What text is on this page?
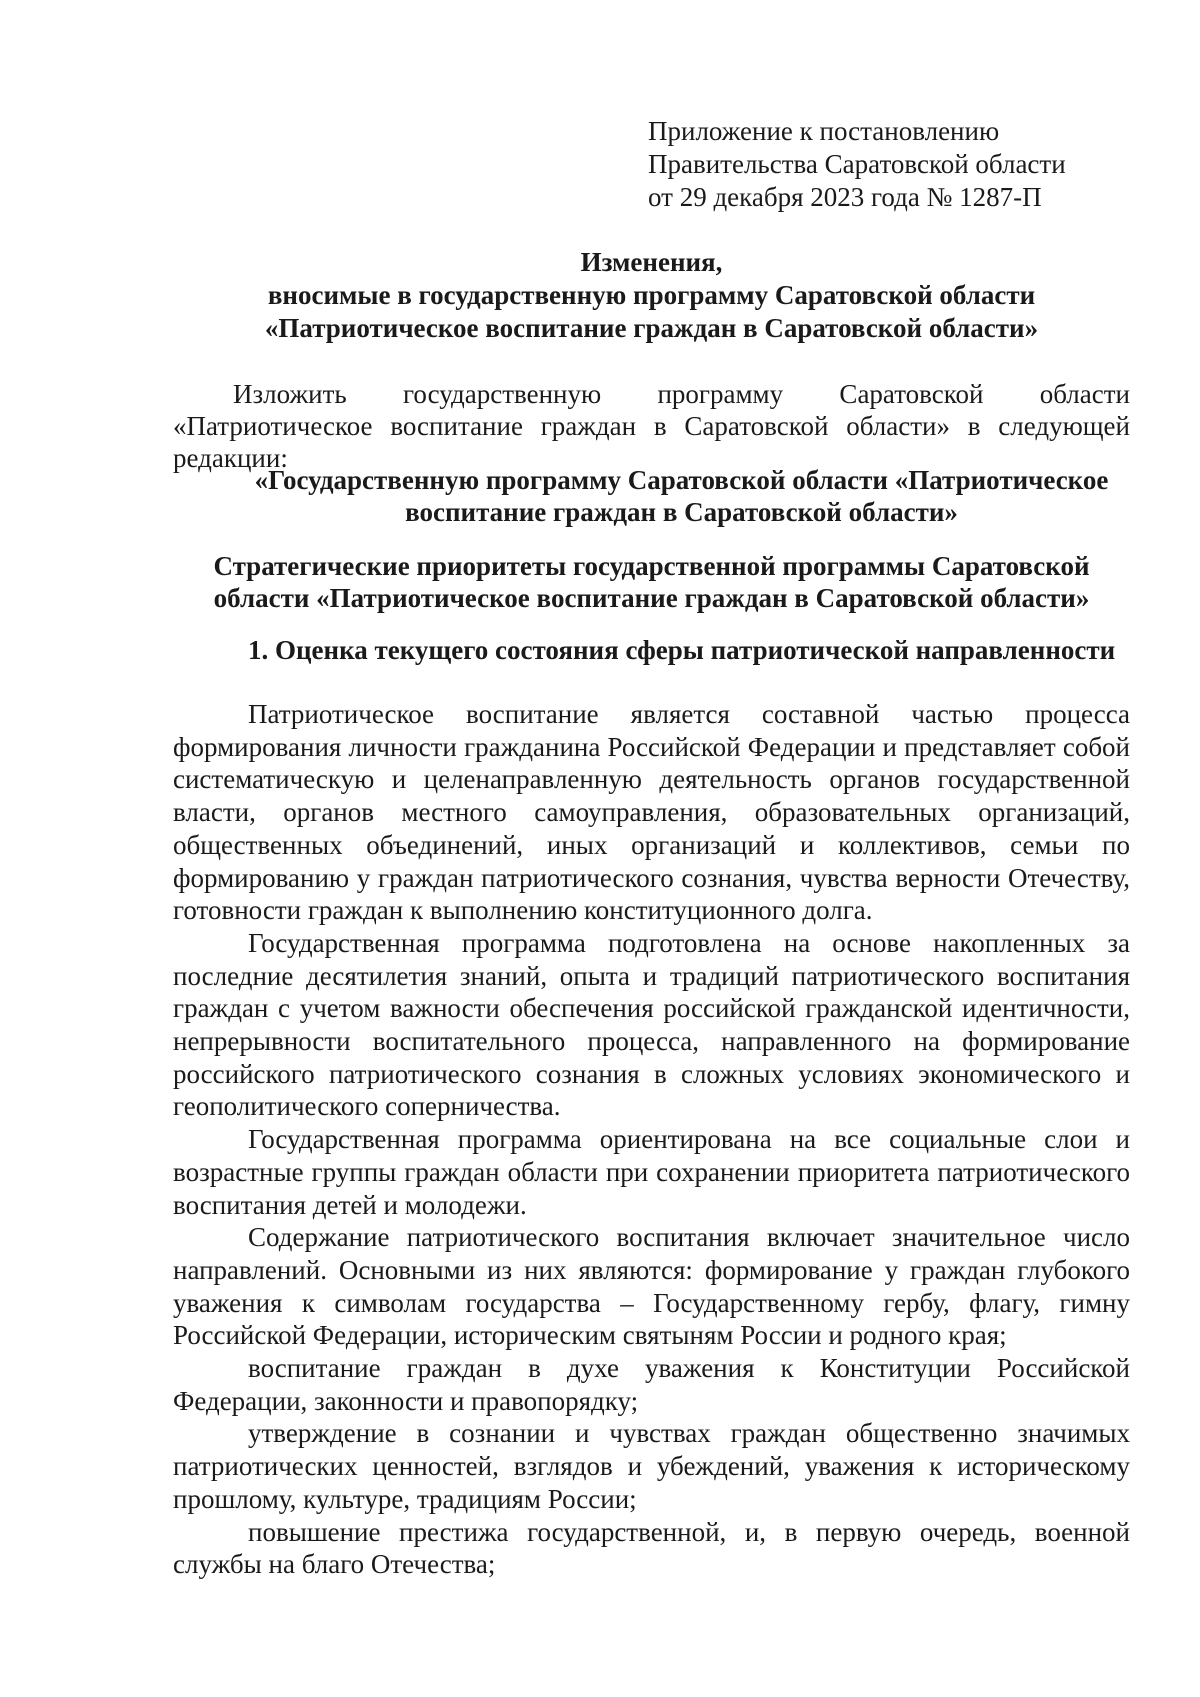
Приложение к постановлению
Правительства Саратовской области
от 29 декабря 2023 года № 1287-П
Изменения,
вносимые в государственную программу Саратовской области
«Патриотическое воспитание граждан в Саратовской области»

Изложить государственную программу Саратовской области «Патриотическое воспитание граждан в Саратовской области» в следующей редакции:

«Государственную программу Саратовской области «Патриотическое
воспитание граждан в Саратовской области»
Стратегические приоритеты государственной программы Саратовской
области «Патриотическое воспитание граждан в Саратовской области»

1. Оценка текущего состояния сферы патриотической направленности

Патриотическое воспитание является составной частью процесса формирования личности гражданина Российской Федерации и представляет собой систематическую и целенаправленную деятельность органов государственной власти, органов местного самоуправления, образовательных организаций, общественных объединений, иных организаций и коллективов, семьи по формированию у граждан патриотического сознания, чувства верности Отечеству, готовности граждан к выполнению конституционного долга.

Государственная программа подготовлена на основе накопленных за последние десятилетия знаний, опыта и традиций патриотического воспитания граждан с учетом важности обеспечения российской гражданской идентичности, непрерывности воспитательного процесса, направленного на формирование российского патриотического сознания в сложных условиях экономического и геополитического соперничества.

Государственная программа ориентирована на все социальные слои и возрастные группы граждан области при сохранении приоритета патриотического воспитания детей и молодежи.

Содержание патриотического воспитания включает значительное число направлений. Основными из них являются: формирование у граждан глубокого уважения к символам государства – Государственному гербу, флагу, гимну Российской Федерации, историческим святыням России и родного края;

воспитание граждан в духе уважения к Конституции Российской Федерации, законности и правопорядку;

утверждение в сознании и чувствах граждан общественно значимых патриотических ценностей, взглядов и убеждений, уважения к историческому прошлому, культуре, традициям России;

повышение престижа государственной, и, в первую очередь, военной службы на благо Отечества;
